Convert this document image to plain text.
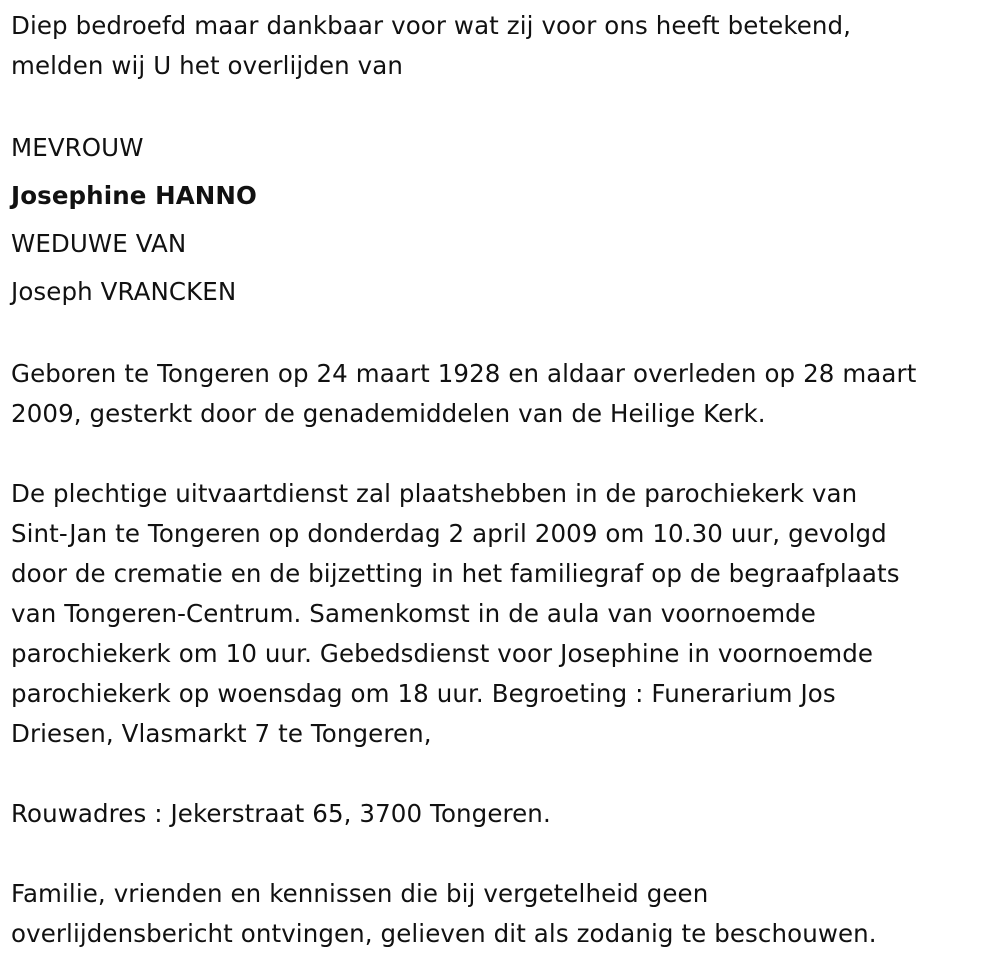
Diep bedroefd maar dankbaar voor wat zij voor ons heeft betekend,
melden wij U het overlijden van

MEVROUW
Josephine HANNO
WEDUWE VAN
Joseph VRANCKEN

Geboren te Tongeren op 24 maart 1928 en aldaar overleden op 28 maart
2009, gesterkt door de genademiddelen van de Heilige Kerk.

De plechtige uitvaartdienst zal plaatshebben in de parochiekerk van
Sint-Jan te Tongeren op donderdag 2 april 2009 om 10.30 uur, gevolgd
door de crematie en de bijzetting in het familiegraf op de begraafplaats
van Tongeren-Centrum. Samenkomst in de aula van voornoemde
parochiekerk om 10 uur. Gebedsdienst voor Josephine in voornoemde
parochiekerk op woensdag om 18 uur. Begroeting : Funerarium Jos
Driesen, Vlasmarkt 7 te Tongeren,

Rouwadres : Jekerstraat 65, 3700 Tongeren.

Familie, vrienden en kennissen die bij vergetelheid geen
overlijdensbericht ontvingen, gelieven dit als zodanig te beschouwen.
